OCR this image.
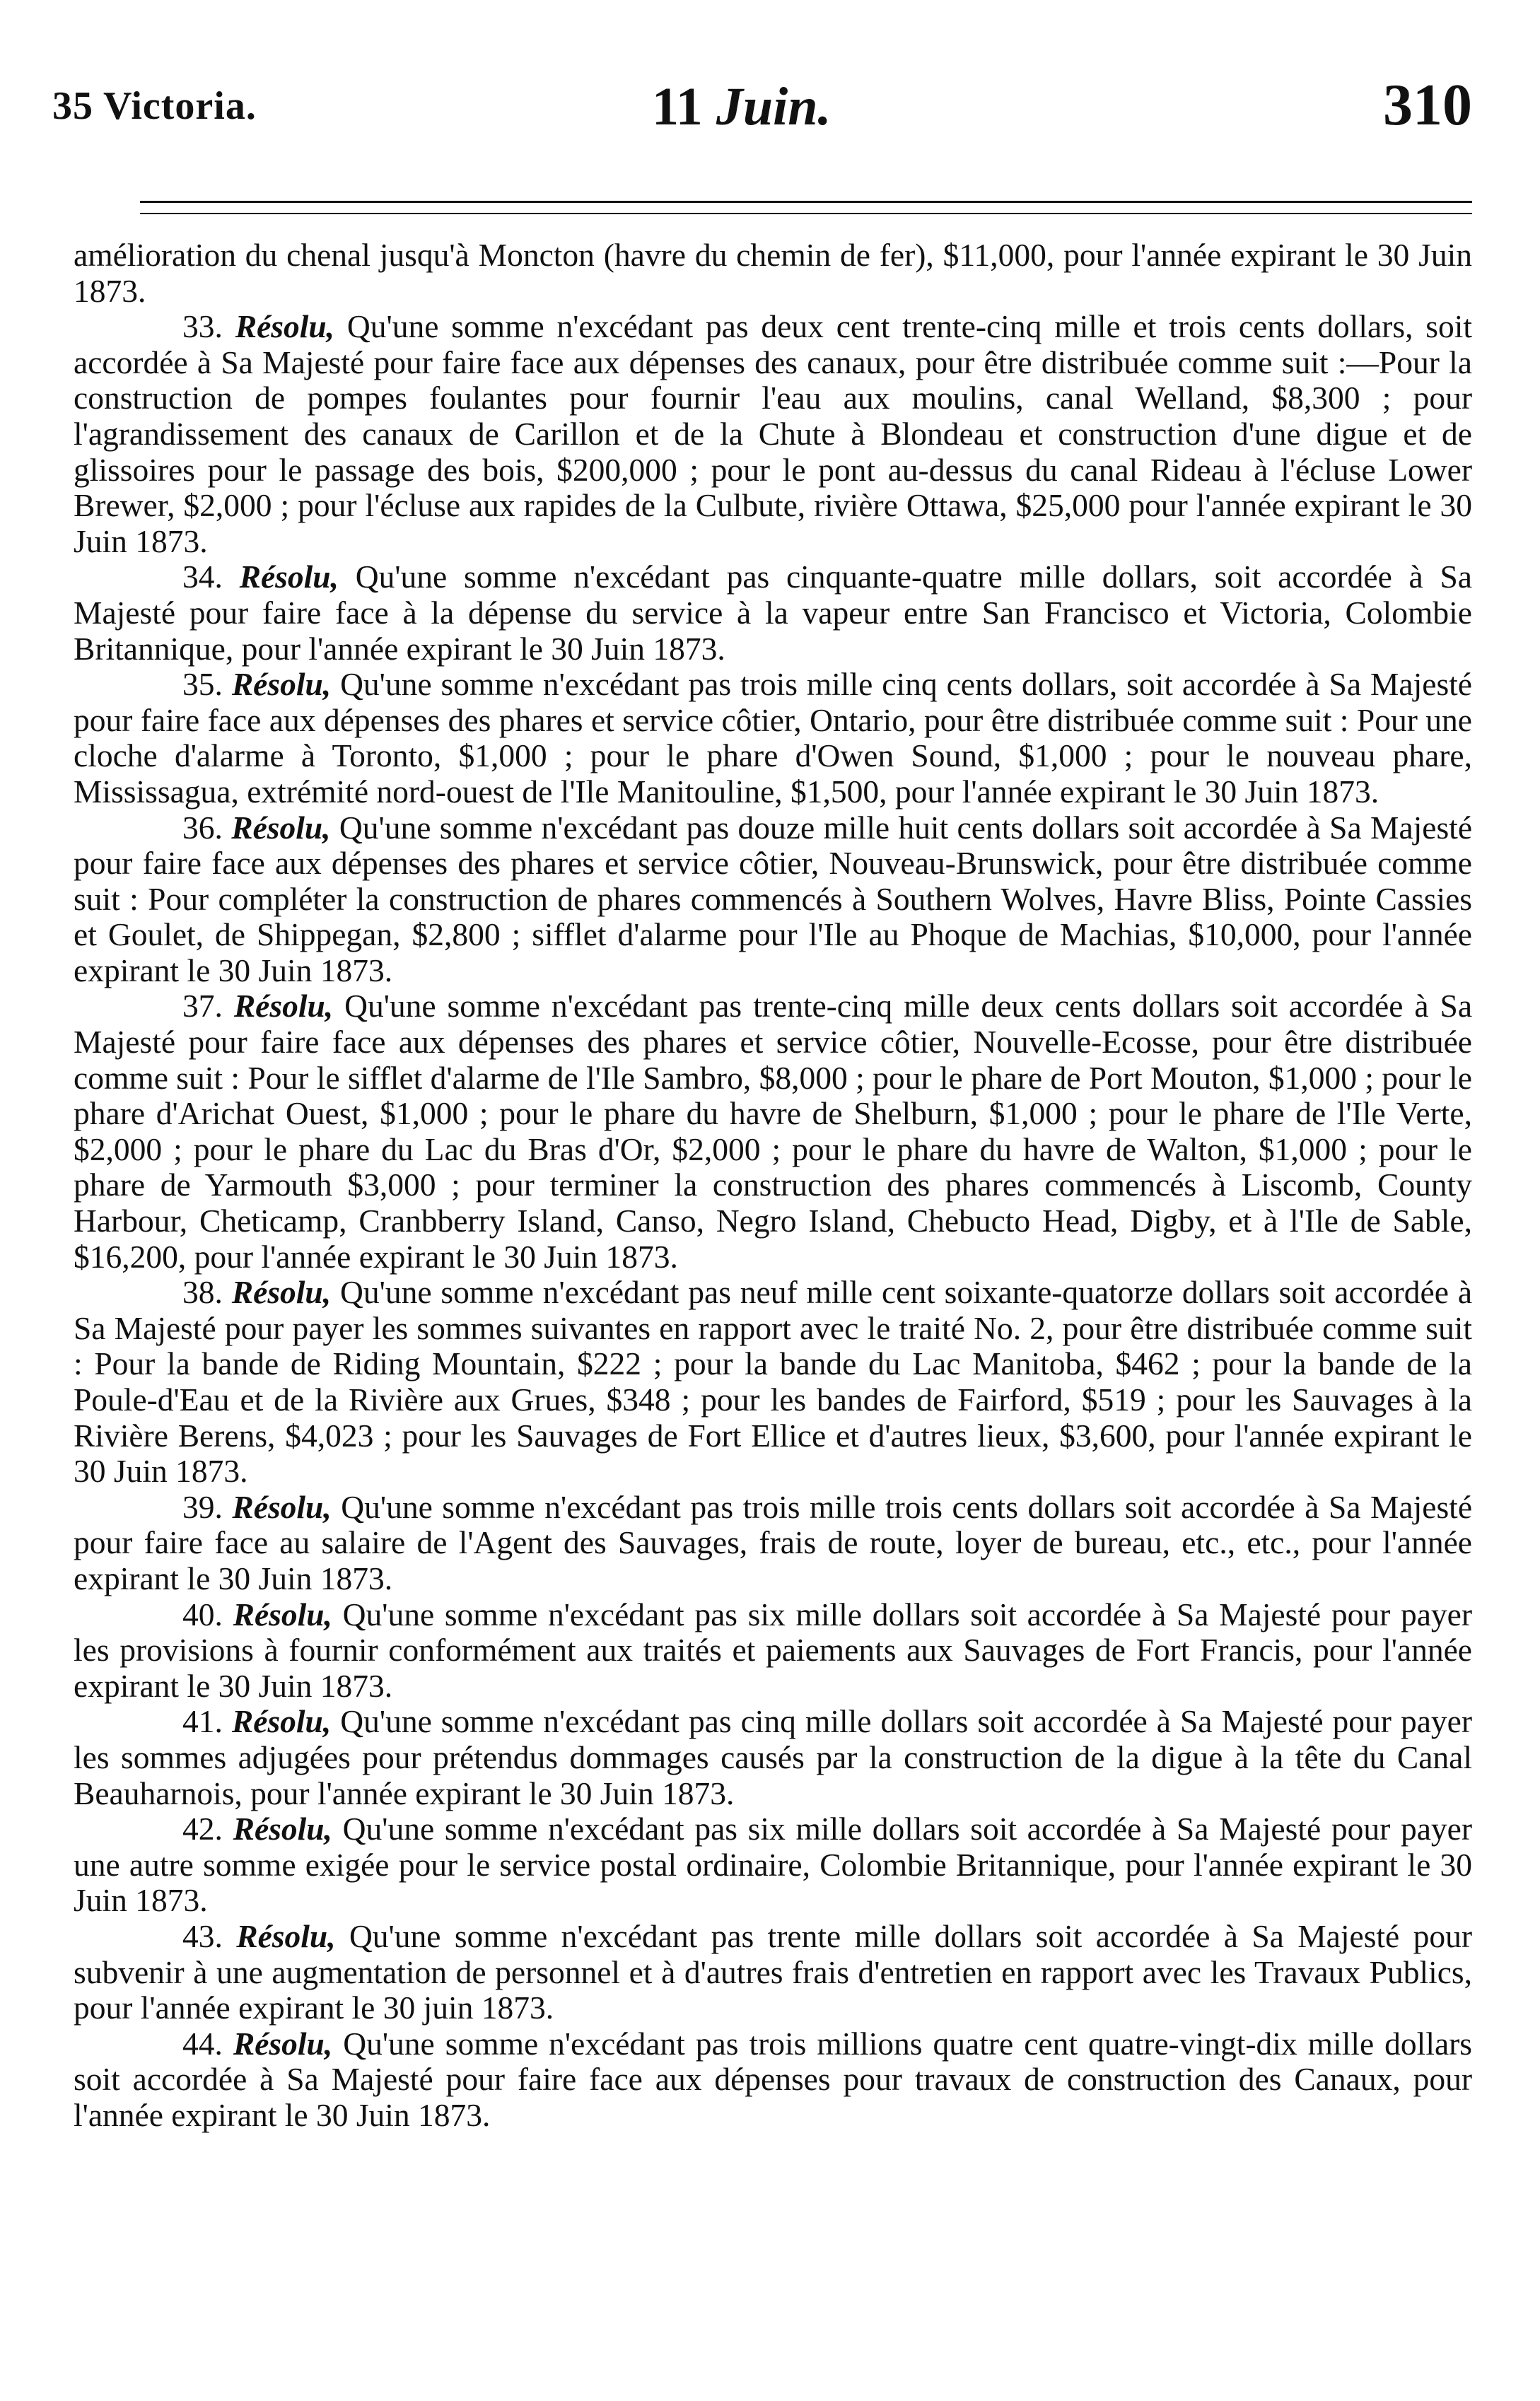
35 Victoria.	11 Juin.	310

amélioration du chenal jusqu'à Moncton (havre du chemin de fer), $11,000, pour l'année expirant le 30 Juin 1873.

33. Résolu, Qu'une somme n'excédant pas deux cent trente-cinq mille et trois cents dollars, soit accordée à Sa Majesté pour faire face aux dépenses des canaux, pour être distribuée comme suit :—Pour la construction de pompes foulantes pour fournir l'eau aux moulins, canal Welland, $8,300 ; pour l'agrandissement des canaux de Carillon et de la Chute à Blondeau et construction d'une digue et de glissoires pour le passage des bois, $200,000 ; pour le pont au-dessus du canal Rideau à l'écluse Lower Brewer, $2,000 ; pour l'écluse aux rapides de la Culbute, rivière Ottawa, $25,000 pour l'année expirant le 30 Juin 1873.

34. Résolu, Qu'une somme n'excédant pas cinquante-quatre mille dollars, soit accordée à Sa Majesté pour faire face à la dépense du service à la vapeur entre San Francisco et Victoria, Colombie Britannique, pour l'année expirant le 30 Juin 1873.

35. Résolu, Qu'une somme n'excédant pas trois mille cinq cents dollars, soit accordée à Sa Majesté pour faire face aux dépenses des phares et service côtier, Ontario, pour être distribuée comme suit : Pour une cloche d'alarme à Toronto, $1,000 ; pour le phare d'Owen Sound, $1,000 ; pour le nouveau phare, Mississagua, extrémité nord-ouest de l'Ile Manitouline, $1,500, pour l'année expirant le 30 Juin 1873.

36. Résolu, Qu'une somme n'excédant pas douze mille huit cents dollars soit accordée à Sa Majesté pour faire face aux dépenses des phares et service côtier, Nouveau-Brunswick, pour être distribuée comme suit : Pour compléter la construction de phares commencés à Southern Wolves, Havre Bliss, Pointe Cassies et Goulet, de Shippegan, $2,800 ; sifflet d'alarme pour l'Ile au Phoque de Machias, $10,000, pour l'année expirant le 30 Juin 1873.

37. Résolu, Qu'une somme n'excédant pas trente-cinq mille deux cents dollars soit accordée à Sa Majesté pour faire face aux dépenses des phares et service côtier, Nouvelle-Ecosse, pour être distribuée comme suit : Pour le sifflet d'alarme de l'Ile Sambro, $8,000 ; pour le phare de Port Mouton, $1,000 ; pour le phare d'Arichat Ouest, $1,000 ; pour le phare du havre de Shelburn, $1,000 ; pour le phare de l'Ile Verte, $2,000 ; pour le phare du Lac du Bras d'Or, $2,000 ; pour le phare du havre de Walton, $1,000 ; pour le phare de Yarmouth $3,000 ; pour terminer la construction des phares commencés à Liscomb, County Harbour, Cheticamp, Cranbberry Island, Canso, Negro Island, Chebucto Head, Digby, et à l'Ile de Sable, $16,200, pour l'année expirant le 30 Juin 1873.

38. Résolu, Qu'une somme n'excédant pas neuf mille cent soixante-quatorze dollars soit accordée à Sa Majesté pour payer les sommes suivantes en rapport avec le traité No. 2, pour être distribuée comme suit : Pour la bande de Riding Mountain, $222 ; pour la bande du Lac Manitoba, $462 ; pour la bande de la Poule-d'Eau et de la Rivière aux Grues, $348 ; pour les bandes de Fairford, $519 ; pour les Sauvages à la Rivière Berens, $4,023 ; pour les Sauvages de Fort Ellice et d'autres lieux, $3,600, pour l'année expirant le 30 Juin 1873.

39. Résolu, Qu'une somme n'excédant pas trois mille trois cents dollars soit accordée à Sa Majesté pour faire face au salaire de l'Agent des Sauvages, frais de route, loyer de bureau, etc., etc., pour l'année expirant le 30 Juin 1873.

40. Résolu, Qu'une somme n'excédant pas six mille dollars soit accordée à Sa Majesté pour payer les provisions à fournir conformément aux traités et paiements aux Sauvages de Fort Francis, pour l'année expirant le 30 Juin 1873.

41. Résolu, Qu'une somme n'excédant pas cinq mille dollars soit accordée à Sa Majesté pour payer les sommes adjugées pour prétendus dommages causés par la construction de la digue à la tête du Canal Beauharnois, pour l'année expirant le 30 Juin 1873.

42. Résolu, Qu'une somme n'excédant pas six mille dollars soit accordée à Sa Majesté pour payer une autre somme exigée pour le service postal ordinaire, Colombie Britannique, pour l'année expirant le 30 Juin 1873.

43. Résolu, Qu'une somme n'excédant pas trente mille dollars soit accordée à Sa Majesté pour subvenir à une augmentation de personnel et à d'autres frais d'entretien en rapport avec les Travaux Publics, pour l'année expirant le 30 juin 1873.

44. Résolu, Qu'une somme n'excédant pas trois millions quatre cent quatre-vingt-dix mille dollars soit accordée à Sa Majesté pour faire face aux dépenses pour travaux de construction des Canaux, pour l'année expirant le 30 Juin 1873.
